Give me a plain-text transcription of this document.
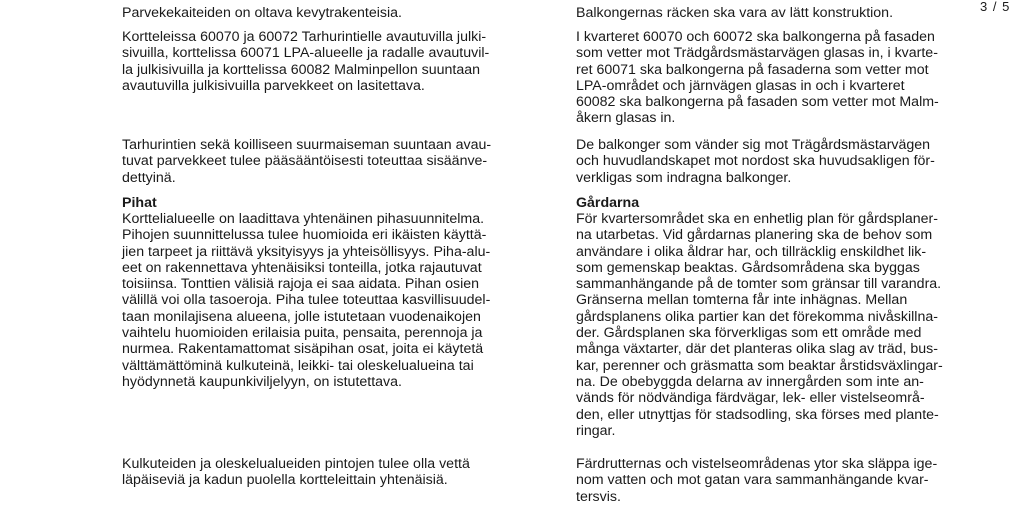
3 / 5
Parvekekaiteiden on oltava kevytrakenteisia.
Kortteleissa 60070 ja 60072 Tarhurintielle avautuvilla julki-
sivuilla, korttelissa 60071 LPA-alueelle ja radalle avautuvil-
la julkisivuilla ja korttelissa 60082 Malminpellon suuntaan
avautuvilla julkisivuilla parvekkeet on lasitettava.
Tarhurintien sekä koilliseen suurmaiseman suuntaan avau-
tuvat parvekkeet tulee pääsääntöisesti toteuttaa sisäänve-
dettyinä.
Pihat
Korttelialueelle on laadittava yhtenäinen pihasuunnitelma.
Pihojen suunnittelussa tulee huomioida eri ikäisten käyttä-
jien tarpeet ja riittävä yksityisyys ja yhteisöllisyys. Piha-alu-
eet on rakennettava yhtenäisiksi tonteilla, jotka rajautuvat
toisiinsa. Tonttien välisiä rajoja ei saa aidata. Pihan osien
välillä voi olla tasoeroja. Piha tulee toteuttaa kasvillisuudel-
taan monilajisena alueena, jolle istutetaan vuodenaikojen
vaihtelu huomioiden erilaisia puita, pensaita, perennoja ja
nurmea. Rakentamattomat sisäpihan osat, joita ei käytetä
välttämättöminä kulkuteinä, leikki- tai oleskelualueina tai
hyödynnetä kaupunkiviljelyyn, on istutettava.
Kulkuteiden ja oleskelualueiden pintojen tulee olla vettä
läpäiseviä ja kadun puolella kortteleittain yhtenäisiä.
Balkongernas räcken ska vara av lätt konstruktion.
I kvarteret 60070 och 60072 ska balkongerna på fasaden
som vetter mot Trädgårdsmästarvägen glasas in, i kvarte-
ret 60071 ska balkongerna på fasaderna som vetter mot
LPA-området och järnvägen glasas in och i kvarteret
60082 ska balkongerna på fasaden som vetter mot Malm-
åkern glasas in.
De balkonger som vänder sig mot Trägårdsmästarvägen
och huvudlandskapet mot nordost ska huvudsakligen för-
verkligas som indragna balkonger.
Gårdarna
För kvartersområdet ska en enhetlig plan för gårdsplaner-
na utarbetas. Vid gårdarnas planering ska de behov som
användare i olika åldrar har, och tillräcklig enskildhet lik-
som gemenskap beaktas. Gårdsområdena ska byggas
sammanhängande på de tomter som gränsar till varandra.
Gränserna mellan tomterna får inte inhägnas. Mellan
gårdsplanens olika partier kan det förekomma nivåskillna-
der. Gårdsplanen ska förverkligas som ett område med
många växtarter, där det planteras olika slag av träd, bus-
kar, perenner och gräsmatta som beaktar årstidsväxlingar-
na. De obebyggda delarna av innergården som inte an-
vänds för nödvändiga färdvägar, lek- eller vistelseområ-
den, eller utnyttjas för stadsodling, ska förses med plante-
ringar.
Färdrutternas och vistelseområdenas ytor ska släppa ige-
nom vatten och mot gatan vara sammanhängande kvar-
tersvis.
